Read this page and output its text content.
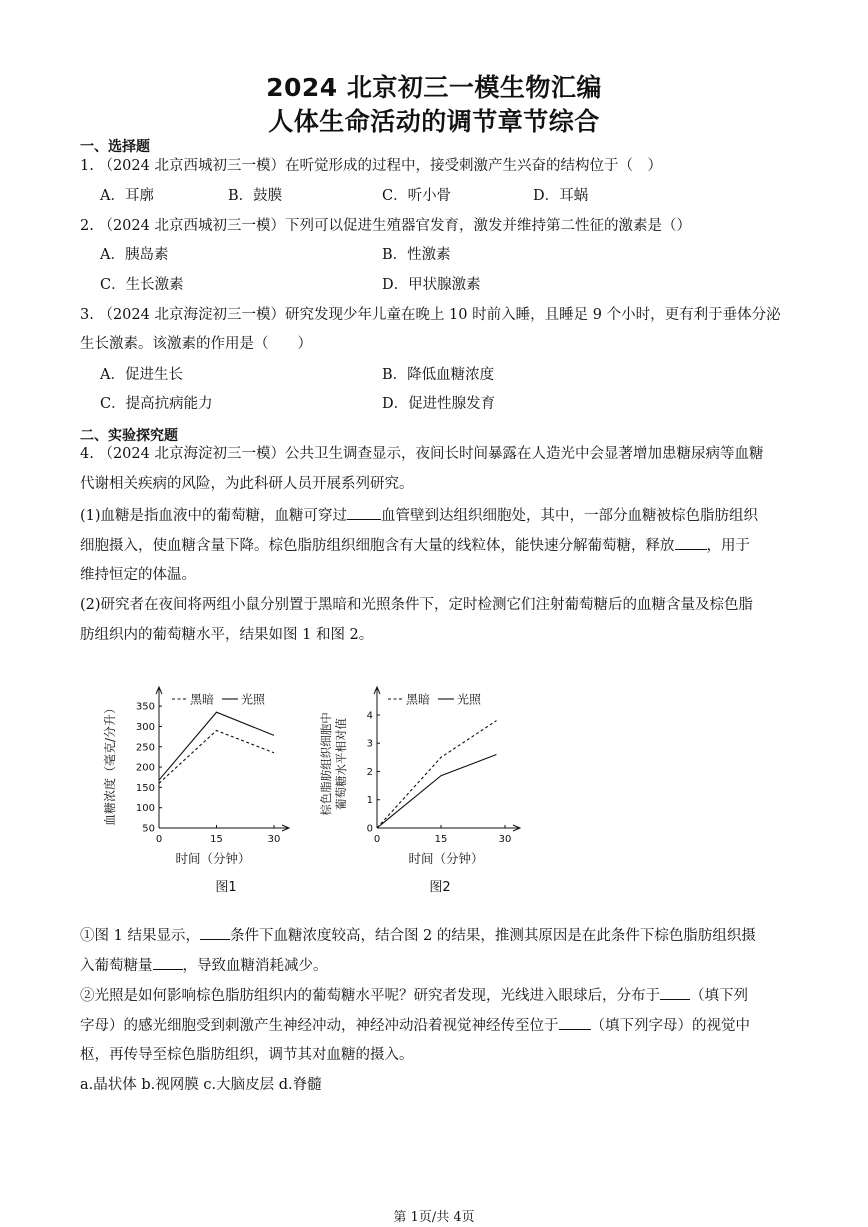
2024 北京初三一模生物汇编
人体生命活动的调节章节综合
一、选择题
1. （2024 北京西城初三一模）在听觉形成的过程中，接受刺激产生兴奋的结构位于（　）
A．耳廓	B．鼓膜	C．听小骨	D．耳蜗
2. （2024 北京西城初三一模）下列可以促进生殖器官发育，激发并维持第二性征的激素是（）
A．胰岛素	B．性激素
C．生长激素	D．甲状腺激素
3. （2024 北京海淀初三一模）研究发现少年儿童在晚上 10 时前入睡，且睡足 9 个小时，更有利于垂体分泌
生长激素。该激素的作用是（　　）
A．促进生长	B．降低血糖浓度
C．提高抗病能力	D．促进性腺发育
二、实验探究题
4. （2024 北京海淀初三一模）公共卫生调查显示，夜间长时间暴露在人造光中会显著增加患糖尿病等血糖
代谢相关疾病的风险，为此科研人员开展系列研究。
(1)血糖是指血液中的葡萄糖，血糖可穿过 血管壁到达组织细胞处，其中，一部分血糖被棕色脂肪组织
细胞摄入，使血糖含量下降。棕色脂肪组织细胞含有大量的线粒体，能快速分解葡萄糖，释放 ，用于
维持恒定的体温。
(2)研究者在夜间将两组小鼠分别置于黑暗和光照条件下，定时检测它们注射葡萄糖后的血糖含量及棕色脂
肪组织内的葡萄糖水平，结果如图 1 和图 2。
0	15	30
50
100
150
200
250
300
350
黑暗 光照
时间（分钟）
图1
血糖浓度（毫克/分升）
0	15	30
0
1
2
3
4
黑暗 光照
时间（分钟）
图2
棕色脂肪组织细胞中 葡萄糖水平相对值
①图 1 结果显示， 条件下血糖浓度较高，结合图 2 的结果，推测其原因是在此条件下棕色脂肪组织摄
入葡萄糖量 ，导致血糖消耗减少。
②光照是如何影响棕色脂肪组织内的葡萄糖水平呢？研究者发现，光线进入眼球后，分布于 （填下列
字母）的感光细胞受到刺激产生神经冲动，神经冲动沿着视觉神经传至位于 （填下列字母）的视觉中
枢，再传导至棕色脂肪组织，调节其对血糖的摄入。
a.晶状体 b.视网膜 c.大脑皮层 d.脊髓
第 1页/共 4页
